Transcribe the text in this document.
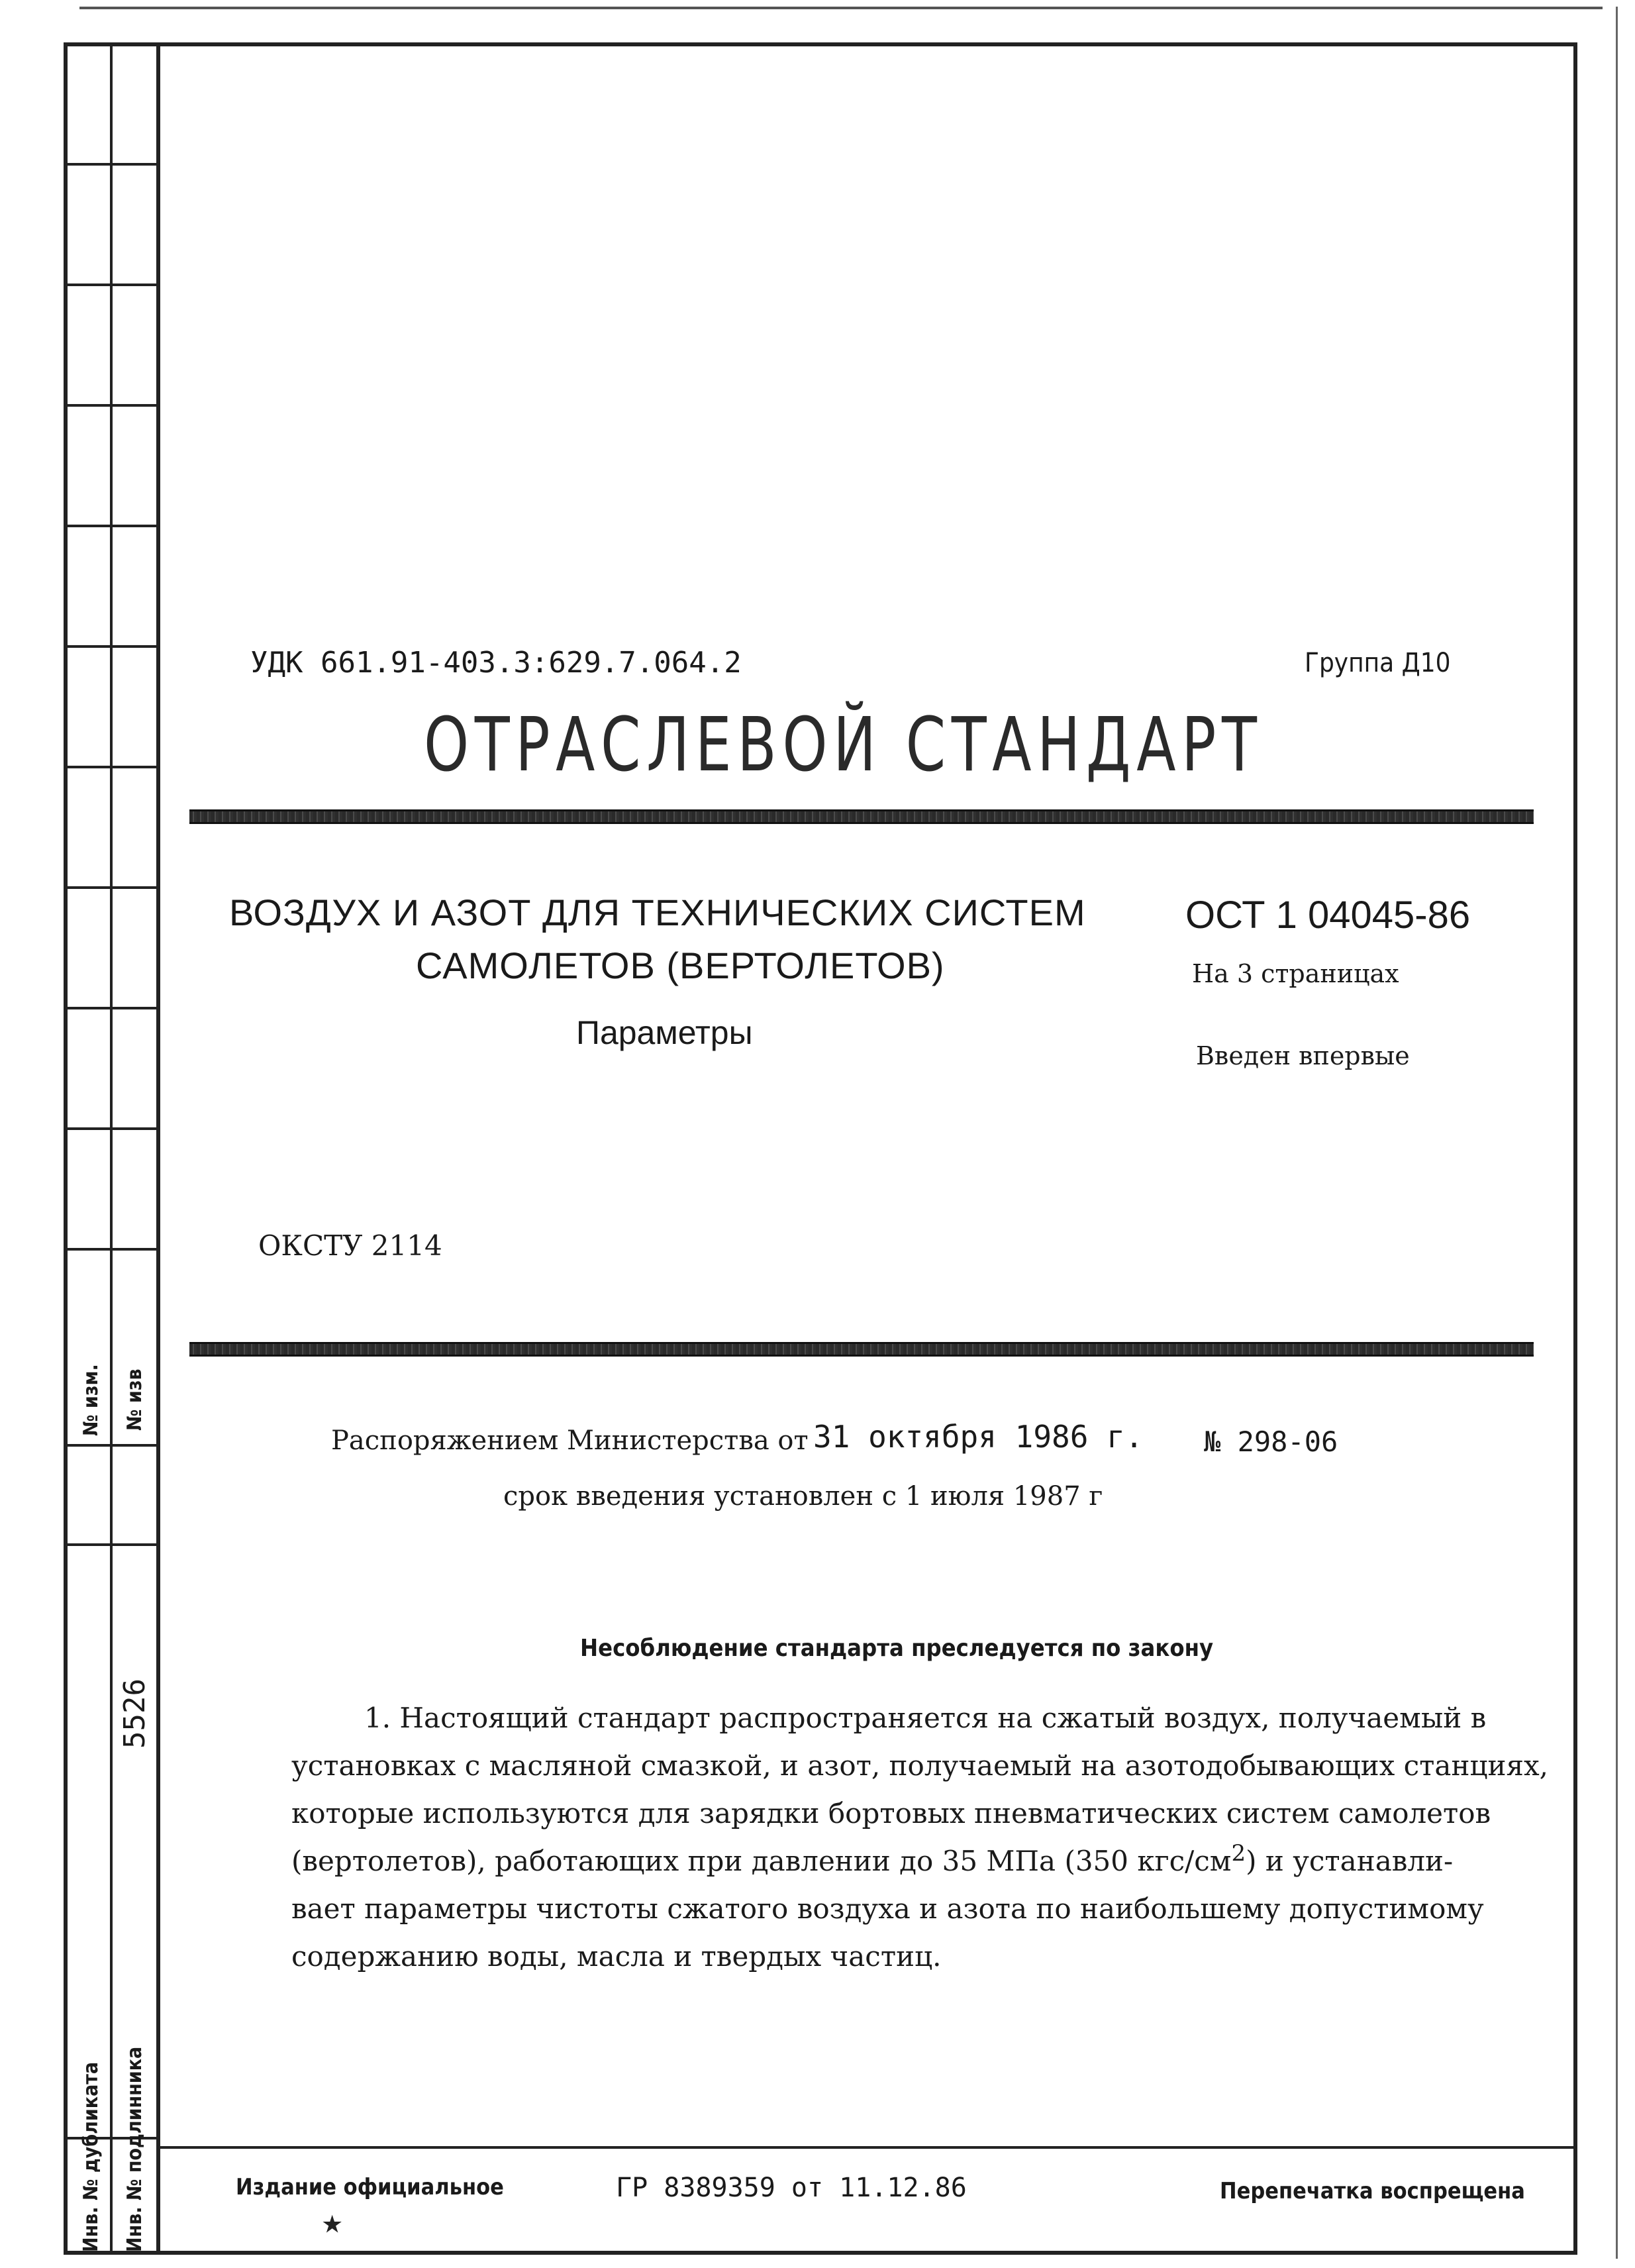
№ изм. № изв
5526
Инв. № дубликата Инв. № подлинника
УДК 661.91-403.3:629.7.064.2	Группа Д10
ОТРАСЛЕВОЙ СТАНДАРТ
ВОЗДУХ И АЗОТ ДЛЯ ТЕХНИЧЕСКИХ СИСТЕМ
САМОЛЕТОВ (ВЕРТОЛЕТОВ)
Параметры
ОСТ 1 04045-86
На 3 страницах
Введен впервые
ОКСТУ 2114
Распоряжением Министерства от 31 октября 1986 г. № 298-06
срок введения установлен с 1 июля 1987 г
Несоблюдение стандарта преследуется по закону
1. Настоящий стандарт распространяется на сжатый воздух, получаемый в
установках с масляной смазкой, и азот, получаемый на азотодобывающих станциях,
которые используются для зарядки бортовых пневматических систем самолетов
(вертолетов), работающих при давлении до 35 МПа (350 кгс/$см^2$) и устанавли-
вает параметры чистоты сжатого воздуха и азота по наибольшему допустимому
содержанию воды, масла и твердых частиц.
Издание официальное
★
ГР 8389359 от 11.12.86	Перепечатка воспрещена
